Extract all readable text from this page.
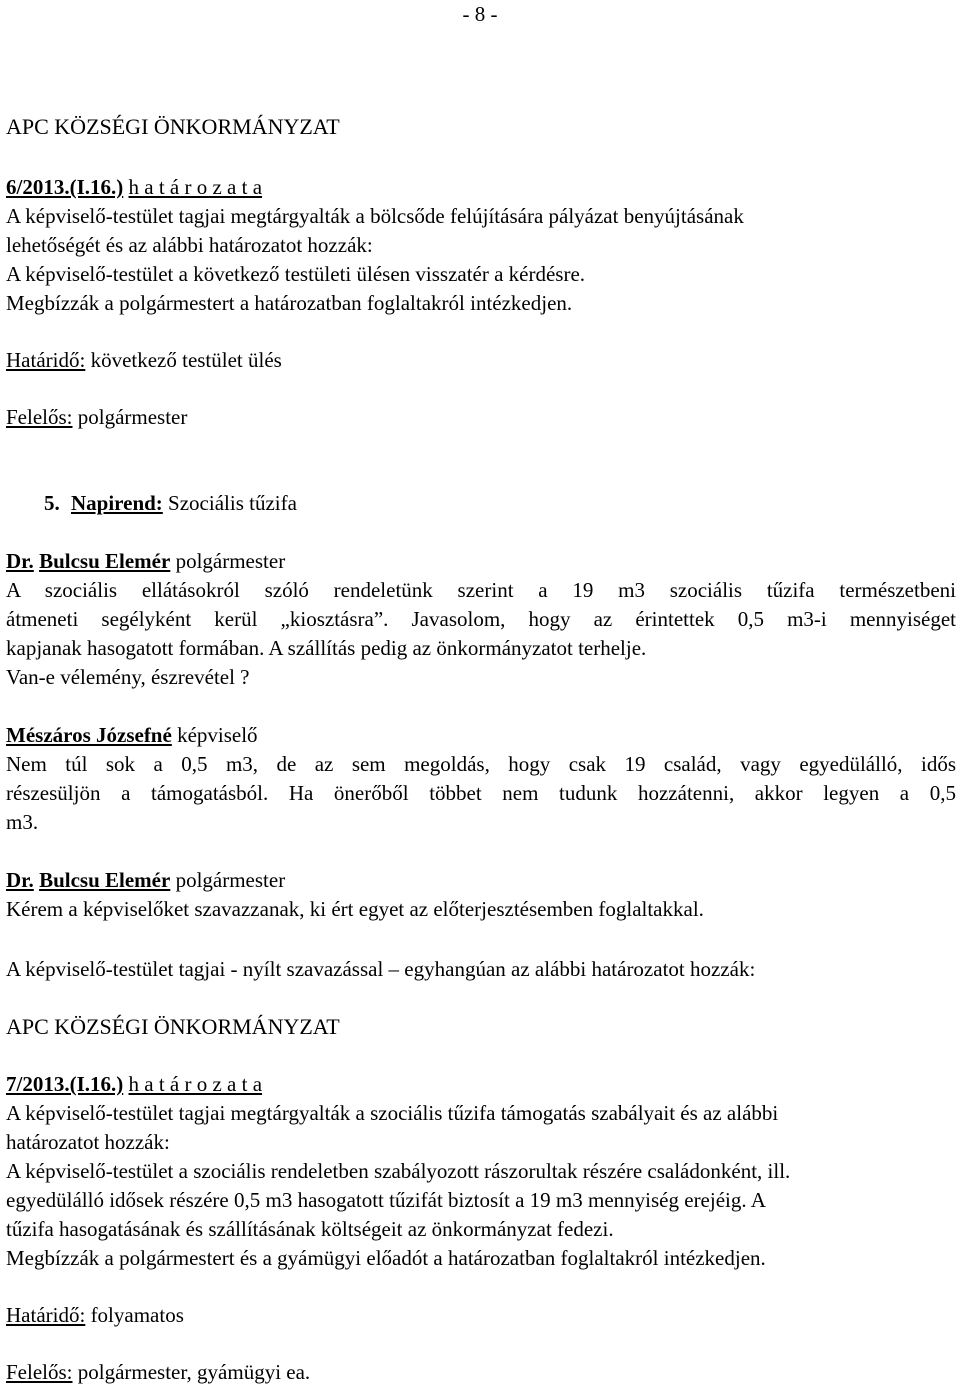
- 8 -

APC KÖZSÉGI ÖNKORMÁNYZAT

6/2013.(I.16.) h a t á r o z a t a

A képviselő-testület tagjai megtárgyalták a bölcsőde felújítására pályázat benyújtásának

lehetőségét és az alábbi határozatot hozzák:

A képviselő-testület a következő testületi ülésen visszatér a kérdésre.

Megbízzák a polgármestert a határozatban foglaltakról intézkedjen.

Határidő: következő testület ülés

Felelős: polgármester

5. Napirend: Szociális tűzifa

Dr. Bulcsu Elemér polgármester

A szociális ellátásokról szóló rendeletünk szerint a 19 m3 szociális tűzifa természetbeni

átmeneti segélyként kerül „kiosztásra”. Javasolom, hogy az érintettek 0,5 m3-i mennyiséget

kapjanak hasogatott formában. A szállítás pedig az önkormányzatot terhelje.

Van-e vélemény, észrevétel ?

Mészáros Józsefné képviselő

Nem túl sok a 0,5 m3, de az sem megoldás, hogy csak 19 család, vagy egyedülálló, idős

részesüljön a támogatásból. Ha önerőből többet nem tudunk hozzátenni, akkor legyen a 0,5

m3.

Dr. Bulcsu Elemér polgármester

Kérem a képviselőket szavazzanak, ki ért egyet az előterjesztésemben foglaltakkal.

A képviselő-testület tagjai - nyílt szavazással – egyhangúan az alábbi határozatot hozzák:

APC KÖZSÉGI ÖNKORMÁNYZAT

7/2013.(I.16.) h a t á r o z a t a

A képviselő-testület tagjai megtárgyalták a szociális tűzifa támogatás szabályait és az alábbi

határozatot hozzák:

A képviselő-testület a szociális rendeletben szabályozott rászorultak részére családonként, ill.

egyedülálló idősek részére 0,5 m3 hasogatott tűzifát biztosít a 19 m3 mennyiség erejéig. A

tűzifa hasogatásának és szállításának költségeit az önkormányzat fedezi.

Megbízzák a polgármestert és a gyámügyi előadót a határozatban foglaltakról intézkedjen.

Határidő: folyamatos

Felelős: polgármester, gyámügyi ea.
